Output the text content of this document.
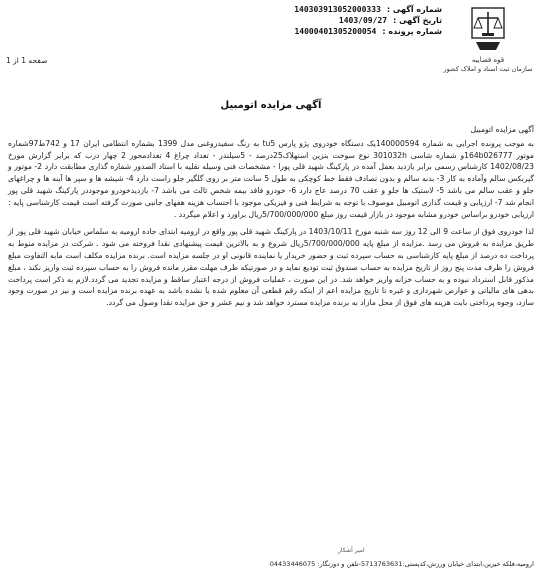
قوه قضاییه
سازمان ثبت اسناد و املاک کشور
شماره آگهی :
140303913052000333
تاریخ آگهی :
1403/09/27
شماره پرونده :
14000401305200054
صفحه 1 از 1
آگهی مزایده اتومبیل

آگهی مزایده اتومبیل

به موجب پرونده اجرایی به شماره 140000594یک دستگاه خودروی پژو پارس tu5 به رنگ سفیدروغنی مدل 1399 بشماره انتظامی ایران 17 و 742ط97شماره موتور 164b026777و شماره شاسی 301032h نوع سوخت بنزین استهلاک25درصد - 5سیلندر - تعداد چراغ 4 تعدادمحور 2 چهار درب که برابر گزارش مورخ 1402/08/23 کارشناس رسمی برابر بازدید بعمل آمده در پارکینگ شهید قلی پورا - مشخصات فنی وسیله نقلیه با استاد الصدور شماره گذاری مطابقت دارد 2- موتور و گیربکس سالم وآماده به کار 3- بدنه سالم و بدون تصادف فقط خط کوچکی به طول 5 سانت متر بر روی گلگیر جلو راست دارد 4- شیشه ها و سپر ها آینه ها و چراغهای جلو و عقب سالم می باشد 5- لاستیک ها جلو و عقب 70 درصد عاج دارد 6- خودرو فاقد بیمه شخص ثالث می باشد 7- بازدیدخودرو موجوددر پارکینگ شهید قلی پور انجام شد 7- ارزیابی و قیمت گذاری اتومبیل موصوف با توجه به شرایط فنی و فیزیکی موجود با احتساب هزینه هفهای جانبی صورت گرفته است قیمت کارشناسی پایه : ارزیابی خودرو براساس خودرو مشابه موجود در بازار قیمت روز مبلغ 5/700/000/000ریال براورد و اعلام میگردد .

لذا خودروی فوق از ساعت 9 الی 12 روز سه شنبه مورخ 1403/10/11 در پارکینگ شهید قلی پور واقع در ارومیه ابتدای جاده ارومیه به سلماس خیابان شهید قلی پور از طریق مزایده به فروش می رسد .مزایده از مبلغ پایه 5/700/000/000ریال شروع و به بالاترین قیمت پیشنهادی نقدا فروخته می شود . شرکت در مزایده منوط به پرداخت ده درصد از مبلغ پایه کارشناسی به حساب سپرده ثبت و حضور خریدار یا نماینده قانونی او در جلسه مزایده است. برنده مزایده مکلف است مابه التفاوت مبلغ فروش را ظرف مدت پنج روز از تاریخ مزایده به حساب صندوق ثبت تودیع نماید و در صورتیکه ظرف مهلت مقرر مانده فروش را به حساب سپرده ثبت واریز نکند ، مبلغ مذکور قابل استرداد نبوده و به حساب خزانه واریز خواهد شد. در این صورت ، عملیات فروش از درجه اعتبار ساقط و مزایده تجدید می گردد.لازم به ذکر است پرداخت بدهی های مالیاتی و عوارض شهرداری و غیره تا تاریخ مزایده اعم از اینکه رقم قطعی آن معلوم شده یا نشده باشد به عهده برنده مزایده است و نیز در صورت وجود سازد، وجوه پرداختی بابت هزینه های فوق از محل مازاد به برنده مزایده مسترد خواهد شد و نیم عشر و حق مزایده نقدا وصول می گردد.

امیر آشکار
ارومیه،فلکه خیرین،ابتدای خیابان ورزش،کدپستی:5713763631-تلفن و دورنگار: 04433446075
